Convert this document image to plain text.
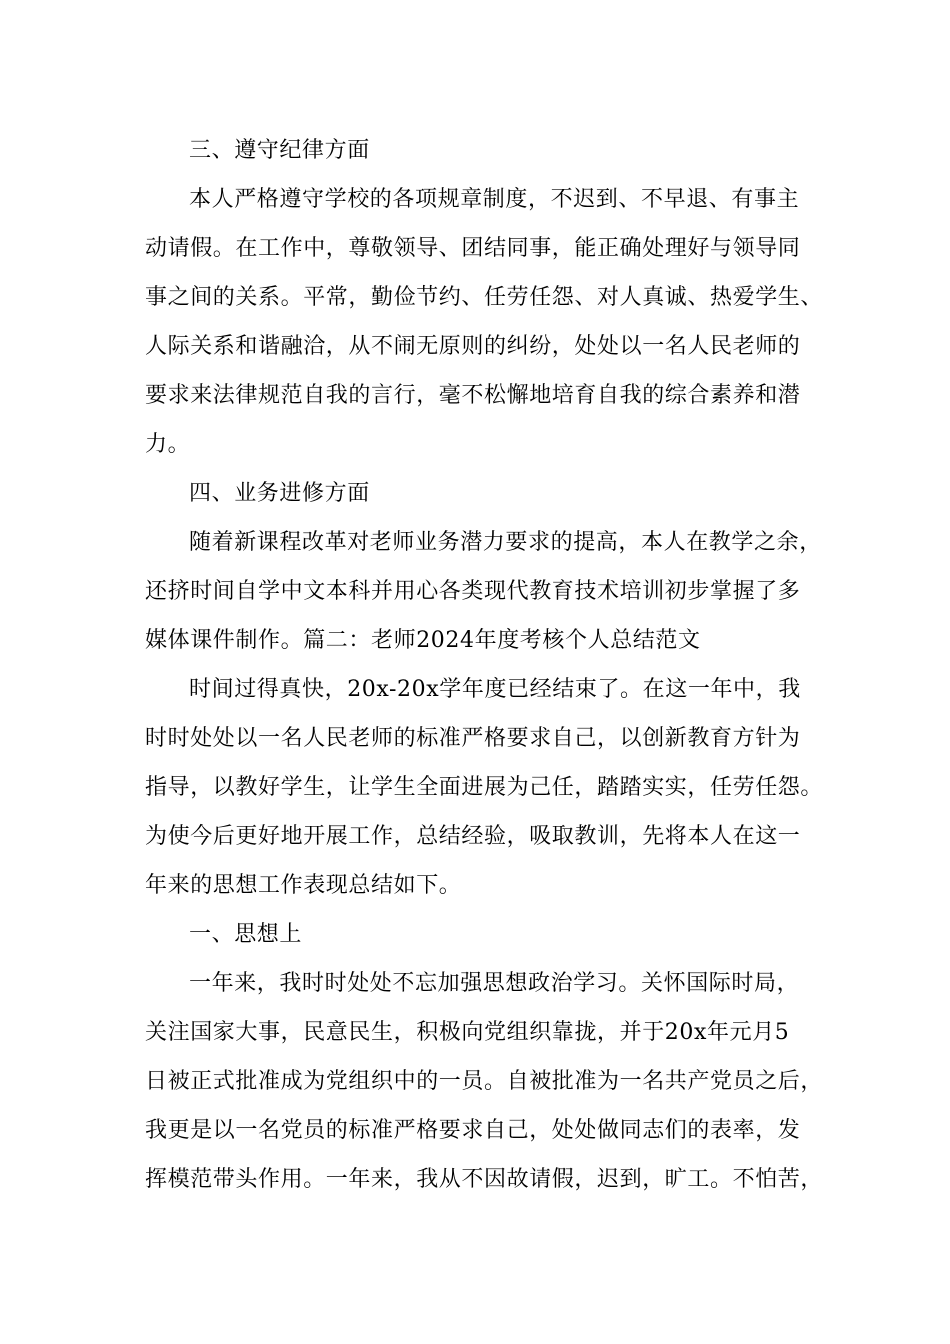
三、遵守纪律方面
本人严格遵守学校的各项规章制度，不迟到、不早退、有事主
动请假。在工作中，尊敬领导、团结同事，能正确处理好与领导同
事之间的关系。平常，勤俭节约、任劳任怨、对人真诚、热爱学生、
人际关系和谐融洽，从不闹无原则的纠纷，处处以一名人民老师的
要求来法律规范自我的言行，毫不松懈地培育自我的综合素养和潜
力。
四、业务进修方面
随着新课程改革对老师业务潜力要求的提高，本人在教学之余，
还挤时间自学中文本科并用心各类现代教育技术培训初步掌握了多
媒体课件制作。篇二：老师2024年度考核个人总结范文
时间过得真快，20x-20x学年度已经结束了。在这一年中，我
时时处处以一名人民老师的标准严格要求自己，以创新教育方针为
指导，以教好学生，让学生全面进展为己任，踏踏实实，任劳任怨。
为使今后更好地开展工作，总结经验，吸取教训，先将本人在这一
年来的思想工作表现总结如下。
一、思想上
一年来，我时时处处不忘加强思想政治学习。关怀国际时局，
关注国家大事，民意民生，积极向党组织靠拢，并于20x年元月5
日被正式批准成为党组织中的一员。自被批准为一名共产党员之后，
我更是以一名党员的标准严格要求自己，处处做同志们的表率，发
挥模范带头作用。一年来，我从不因故请假，迟到，旷工。不怕苦，
